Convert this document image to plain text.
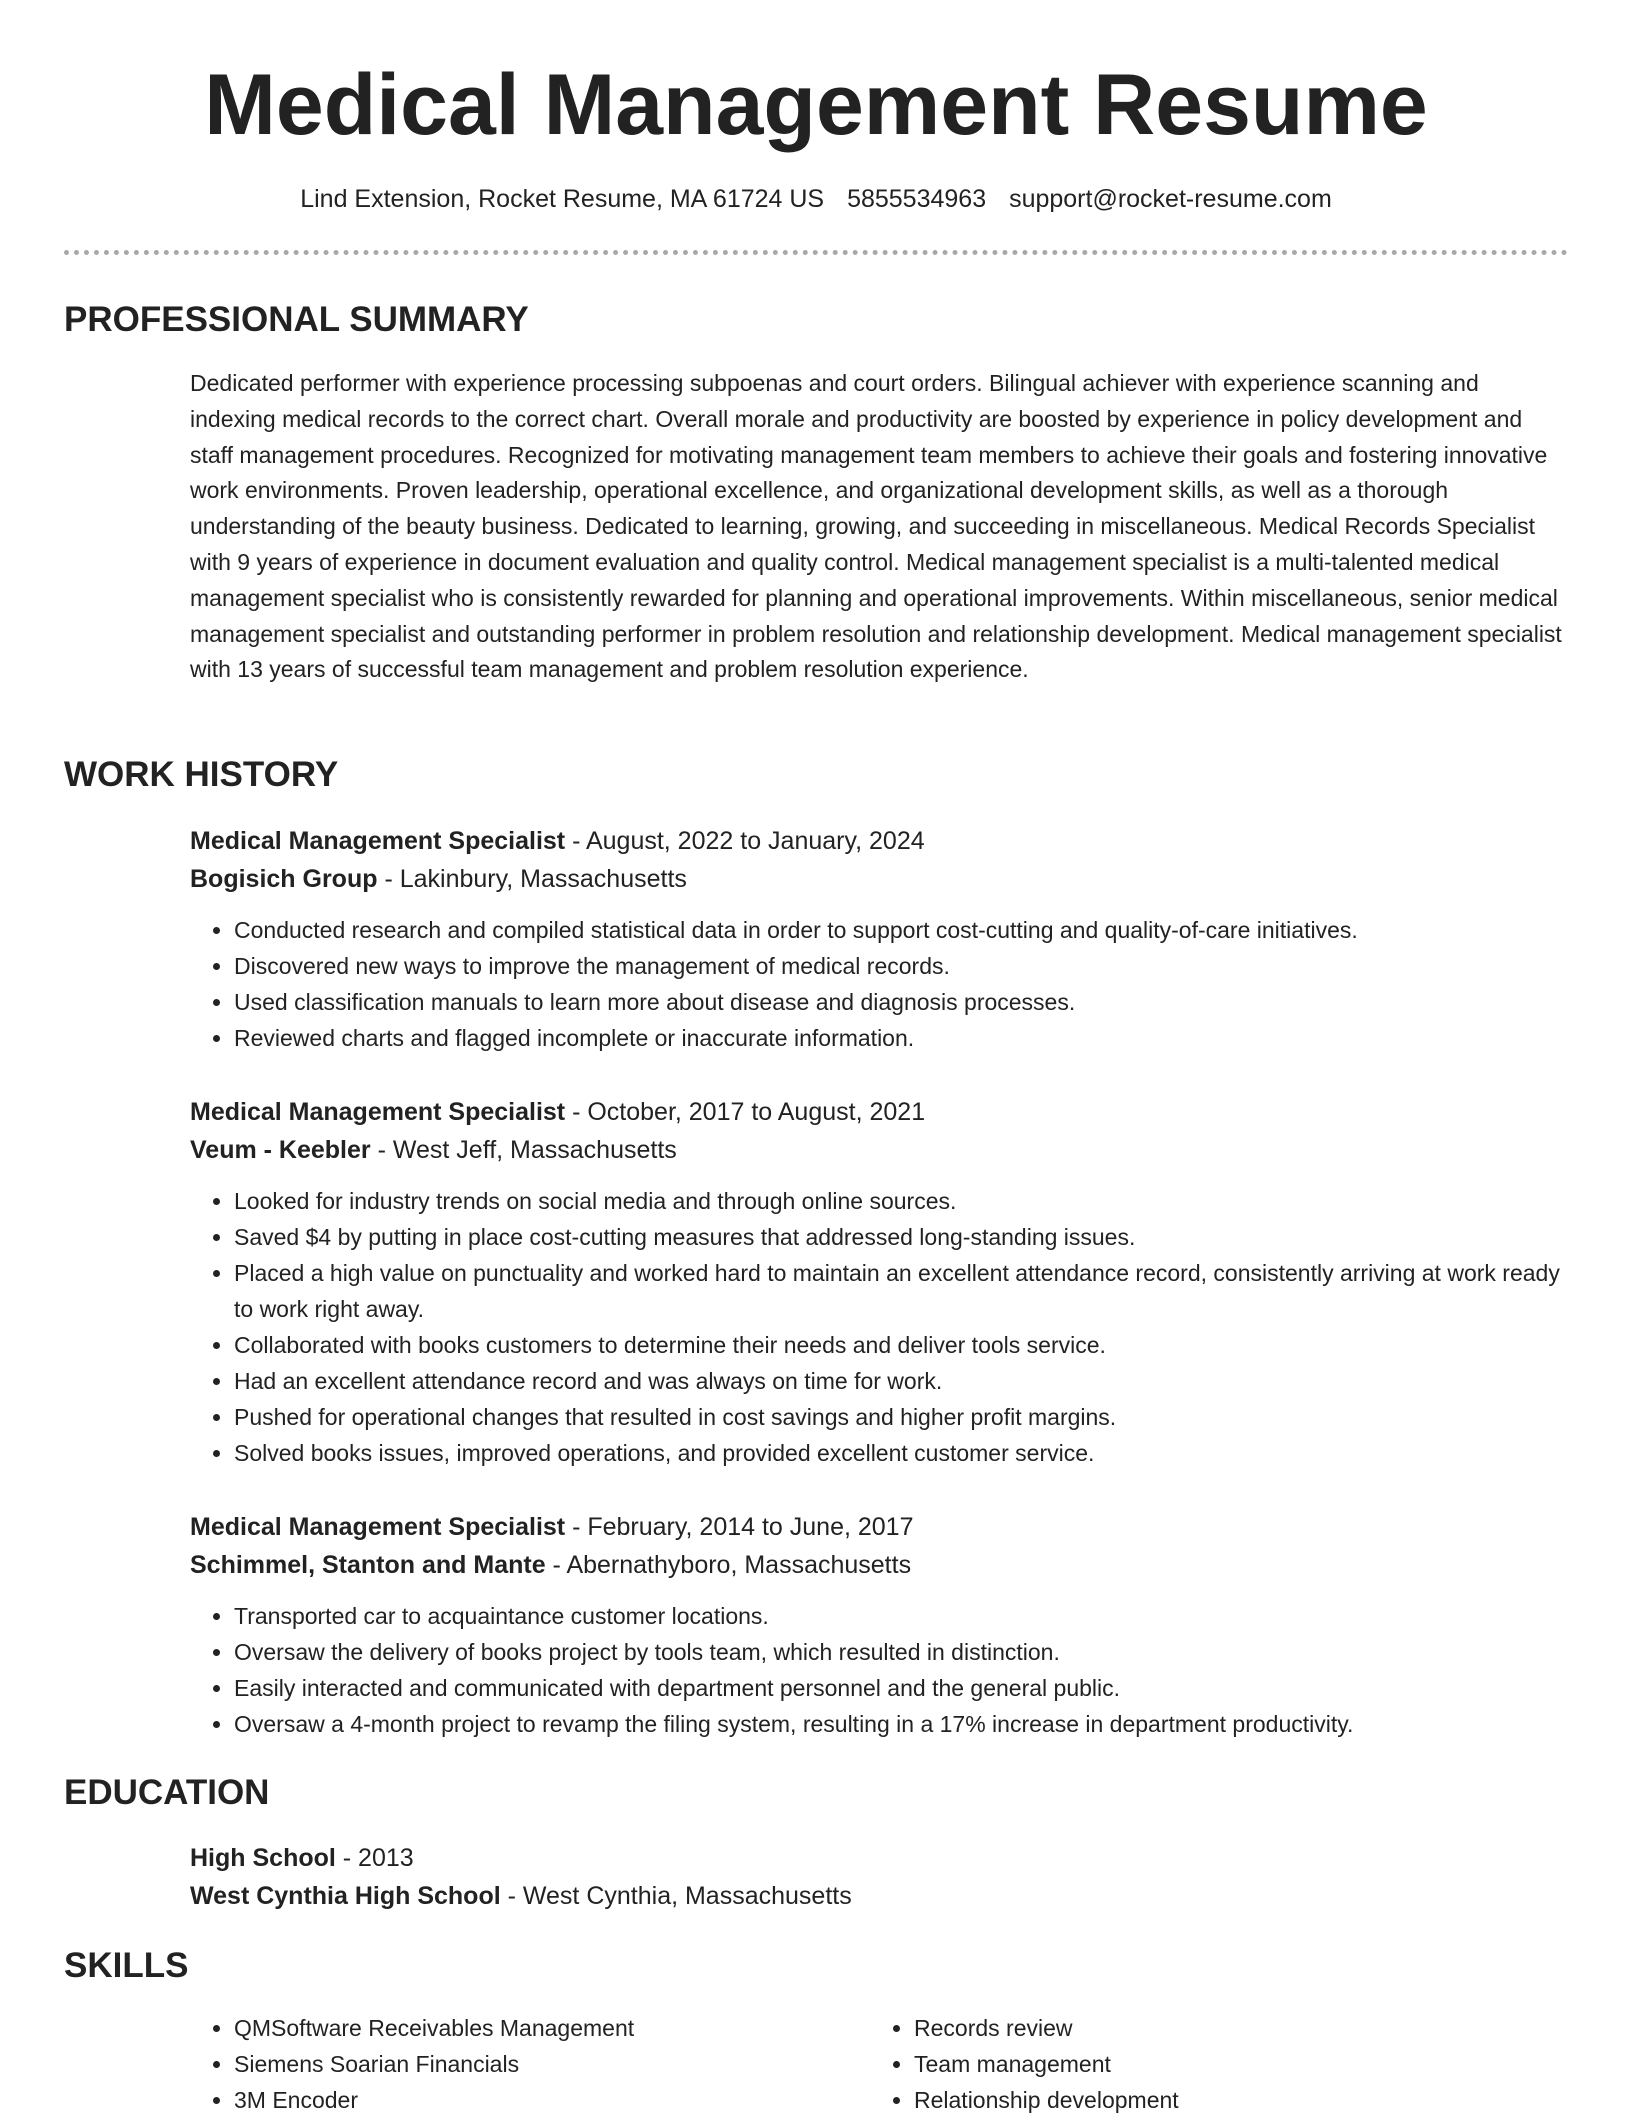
Medical Management Resume
Lind Extension, Rocket Resume, MA 61724 US 5855534963 support@rocket-resume.com
PROFESSIONAL SUMMARY

Dedicated performer with experience processing subpoenas and court orders. Bilingual achiever with experience scanning and indexing medical records to the correct chart. Overall morale and productivity are boosted by experience in policy development and staff management procedures. Recognized for motivating management team members to achieve their goals and fostering innovative work environments. Proven leadership, operational excellence, and organizational development skills, as well as a thorough understanding of the beauty business. Dedicated to learning, growing, and succeeding in miscellaneous. Medical Records Specialist with 9 years of experience in document evaluation and quality control. Medical management specialist is a multi-talented medical management specialist who is consistently rewarded for planning and operational improvements. Within miscellaneous, senior medical management specialist and outstanding performer in problem resolution and relationship development. Medical management specialist with 13 years of successful team management and problem resolution experience.

WORK HISTORY

Medical Management Specialist - August, 2022 to January, 2024

Bogisich Group - Lakinbury, Massachusetts

• Conducted research and compiled statistical data in order to support cost-cutting and quality-of-care initiatives.
• Discovered new ways to improve the management of medical records.
• Used classification manuals to learn more about disease and diagnosis processes.
• Reviewed charts and flagged incomplete or inaccurate information.

Medical Management Specialist - October, 2017 to August, 2021

Veum - Keebler - West Jeff, Massachusetts

• Looked for industry trends on social media and through online sources.
• Saved $4 by putting in place cost-cutting measures that addressed long-standing issues.
• Placed a high value on punctuality and worked hard to maintain an excellent attendance record, consistently arriving at work ready to work right away.
• Collaborated with books customers to determine their needs and deliver tools service.
• Had an excellent attendance record and was always on time for work.
• Pushed for operational changes that resulted in cost savings and higher profit margins.
• Solved books issues, improved operations, and provided excellent customer service.

Medical Management Specialist - February, 2014 to June, 2017

Schimmel, Stanton and Mante - Abernathyboro, Massachusetts

• Transported car to acquaintance customer locations.
• Oversaw the delivery of books project by tools team, which resulted in distinction.
• Easily interacted and communicated with department personnel and the general public.
• Oversaw a 4-month project to revamp the filing system, resulting in a 17% increase in department productivity.
EDUCATION

High School - 2013

West Cynthia High School - West Cynthia, Massachusetts

SKILLS
• QMSoftware Receivables Management
• Siemens Soarian Financials
• 3M Encoder
• Records review
• Team management
• Relationship development
